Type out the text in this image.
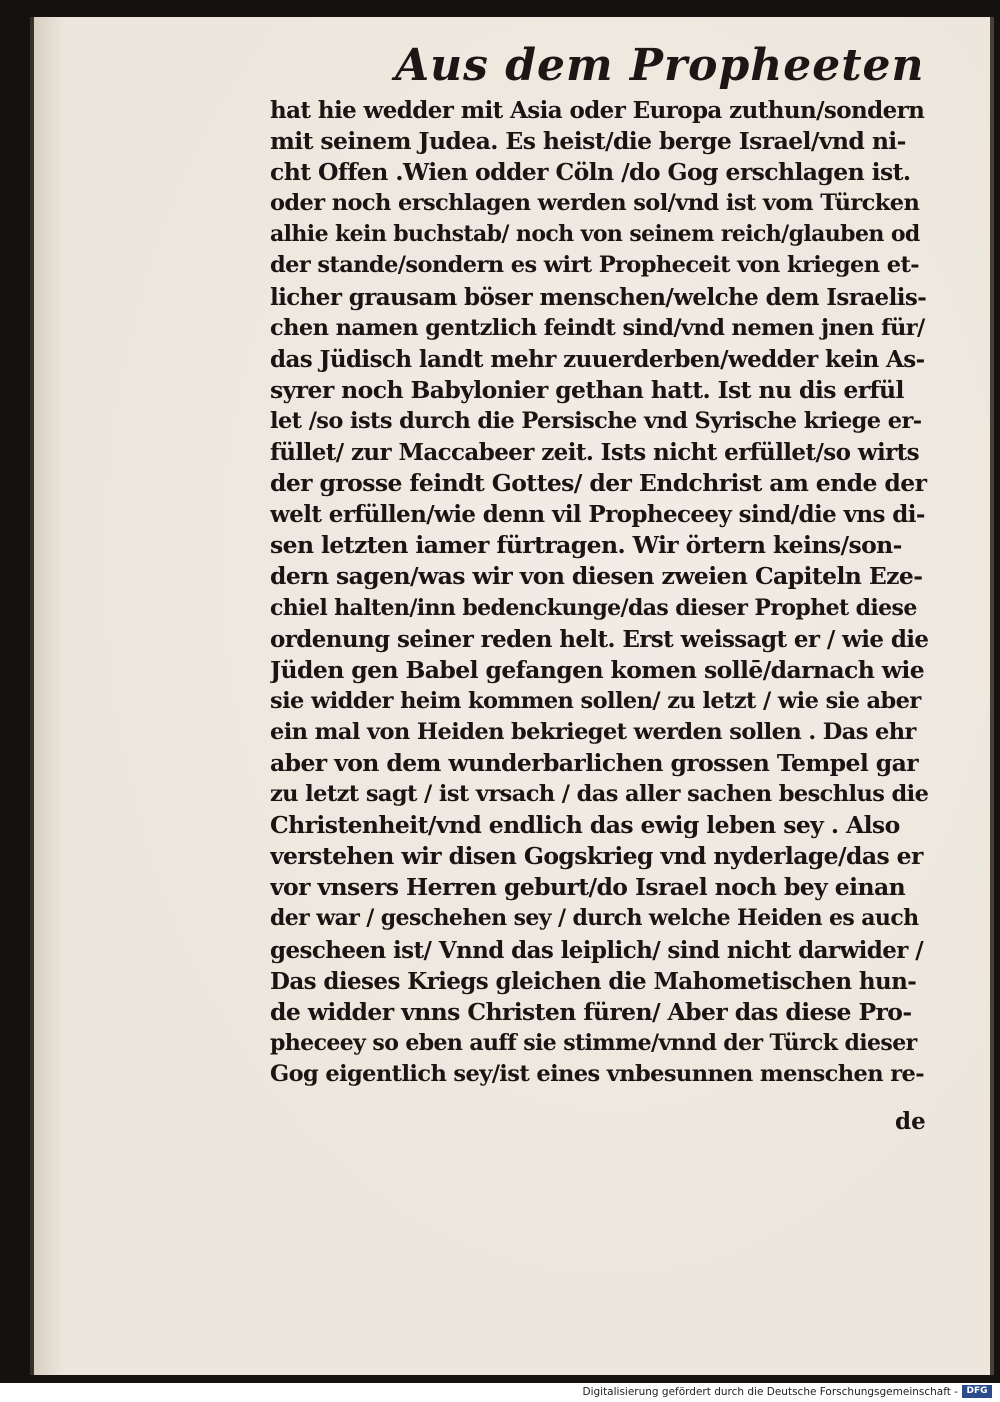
Aus dem Propheeten
hat hie wedder mit Asia oder Europa zuthun/sondern
mit seinem Judea. Es heist/die berge Israel/vnd ni-
cht Offen .Wien odder Cöln /do Gog erschlagen ist.
oder noch erschlagen werden sol/vnd ist vom Türcken
alhie kein buchstab/ noch von seinem reich/glauben od
der stande/sondern es wirt Propheceit von kriegen et-
licher grausam böser menschen/welche dem Israelis-
chen namen gentzlich feindt sind/vnd nemen jnen für/
das Jüdisch landt mehr zuuerderben/wedder kein As-
syrer noch Babylonier gethan hatt. Ist nu dis erfül
let /so ists durch die Persische vnd Syrische kriege er-
füllet/ zur Maccabeer zeit. Ists nicht erfüllet/so wirts
der grosse feindt Gottes/ der Endchrist am ende der
welt erfüllen/wie denn vil Propheceey sind/die vns di-
sen letzten iamer fürtragen. Wir örtern keins/son-
dern sagen/was wir von diesen zweien Capiteln Eze-
chiel halten/inn bedenckunge/das dieser Prophet diese
ordenung seiner reden helt. Erst weissagt er / wie die
Jüden gen Babel gefangen komen sollē/darnach wie
sie widder heim kommen sollen/ zu letzt / wie sie aber
ein mal von Heiden bekrieget werden sollen . Das ehr
aber von dem wunderbarlichen grossen Tempel gar
zu letzt sagt / ist vrsach / das aller sachen beschlus die
Christenheit/vnd endlich das ewig leben sey . Also
verstehen wir disen Gogskrieg vnd nyderlage/das er
vor vnsers Herren geburt/do Israel noch bey einan
der war / geschehen sey / durch welche Heiden es auch
gescheen ist/ Vnnd das leiplich/ sind nicht darwider /
Das dieses Kriegs gleichen die Mahometischen hun-
de widder vnns Christen füren/ Aber das diese Pro-
pheceey so eben auff sie stimme/vnnd der Türck dieser
Gog eigentlich sey/ist eines vnbesunnen menschen re-
de
Digitalisierung gefördert durch die Deutsche Forschungsgemeinschaft - DFG
